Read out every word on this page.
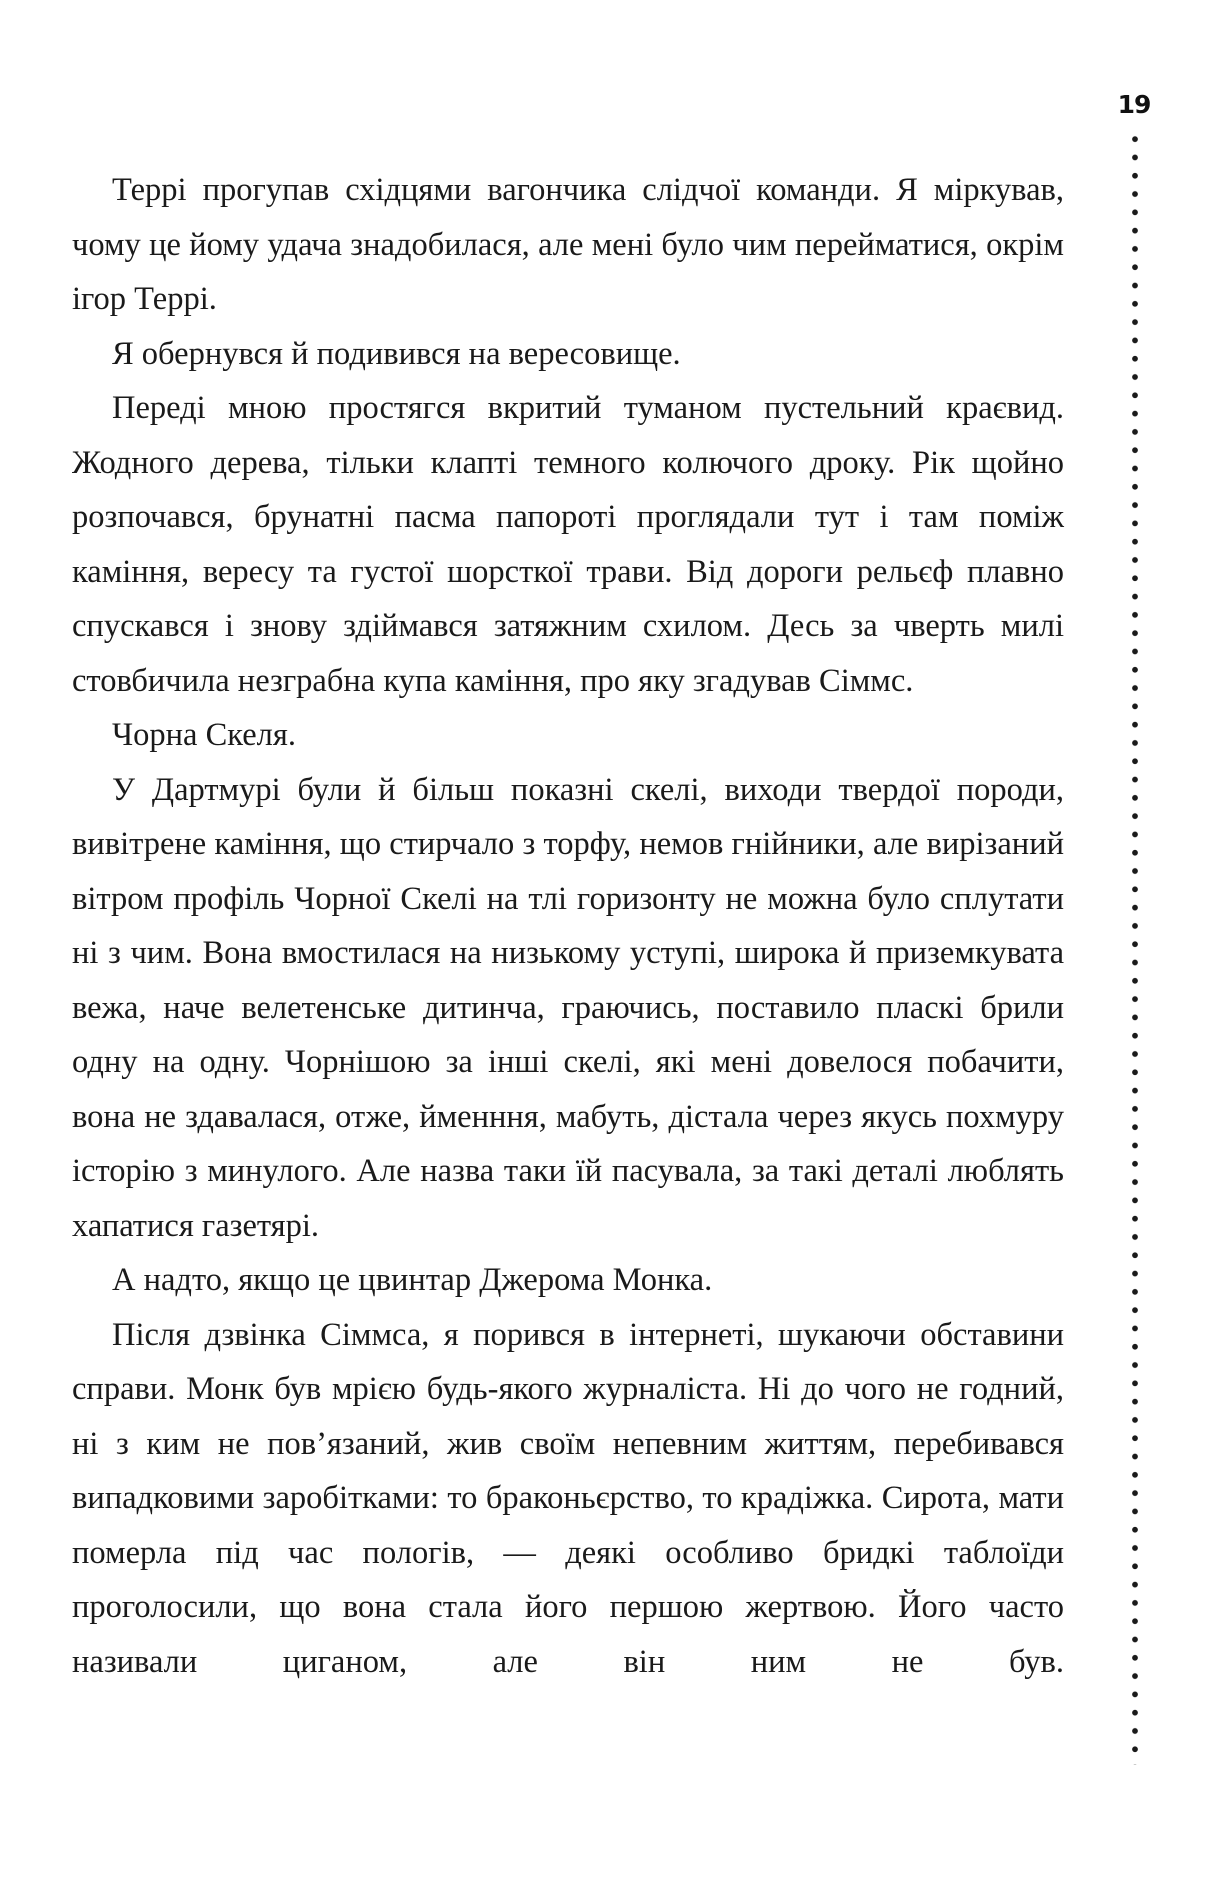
19

Террі прогупав східцями вагончика слідчої команди. Я міркував, чому це йому удача знадобилася, але мені було чим перейматися, окрім ігор Террі.

Я обернувся й подивився на вересовище.

Переді мною простягся вкритий туманом пустельний краєвид. Жодного дерева, тільки клапті темного колючого дроку. Рік щойно розпочався, брунатні пасма папороті проглядали тут і там поміж каміння, вересу та густої шорсткої трави. Від дороги рельєф плавно спускався і знову здіймався затяжним схилом. Десь за чверть милі стовбичила незграбна купа каміння, про яку згадував Сіммс.

Чорна Скеля.

У Дартмурі були й більш показні скелі, виходи твердої породи, вивітрене каміння, що стирчало з торфу, немов гнійники, але вирізаний вітром профіль Чорної Скелі на тлі горизонту не можна було сплутати ні з чим. Вона вмостилася на низькому уступі, широка й приземкувата вежа, наче велетенське дитинча, граючись, поставило пласкі брили одну на одну. Чорнішою за інші скелі, які мені довелося побачити, вона не здавалася, отже, йменння, мабуть, дістала через якусь похмуру історію з минулого. Але назва таки їй пасувала, за такі деталі люблять хапатися газетярі.

А надто, якщо це цвинтар Джерома Монка.

Після дзвінка Сіммса, я порився в інтернеті, шукаючи обставини справи. Монк був мрією будь-якого журналіста. Ні до чого не годний, ні з ким не пов’язаний, жив своїм непевним життям, перебивався випадковими заробітками: то браконьєрство, то крадіжка. Сирота, мати померла під час пологів, — деякі особливо бридкі таблоїди проголосили, що вона стала його першою жертвою. Його часто називали циганом, але він ним не був.
